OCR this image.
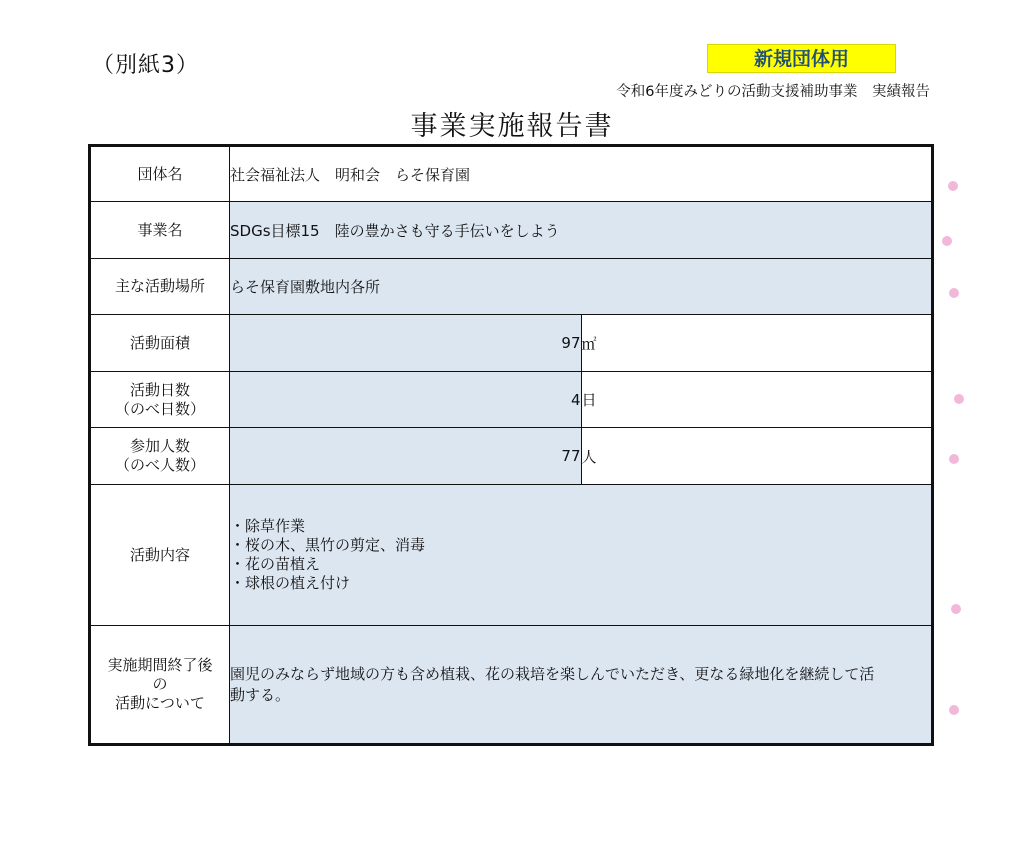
（別紙3）	新規団体用
令和6年度みどりの活動支援補助事業　実績報告
事業実施報告書
団体名	社会福祉法人　明和会　らそ保育園	
事業名	SDGs目標15　陸の豊かさも守る手伝いをしよう	
主な活動場所	らそ保育園敷地内各所	
活動面積	97	㎡

活動日数
（のべ日数）	4	日

参加人数
（のべ人数）	77	人
活動内容	・除草作業
・桜の木、黒竹の剪定、消毒
・花の苗植え
・球根の植え付け	

実施期間終了後
の
活動について	園児のみならず地域の方も含め植栽、花の栽培を楽しんでいただき、更なる緑地化を継続して活
動する。	
